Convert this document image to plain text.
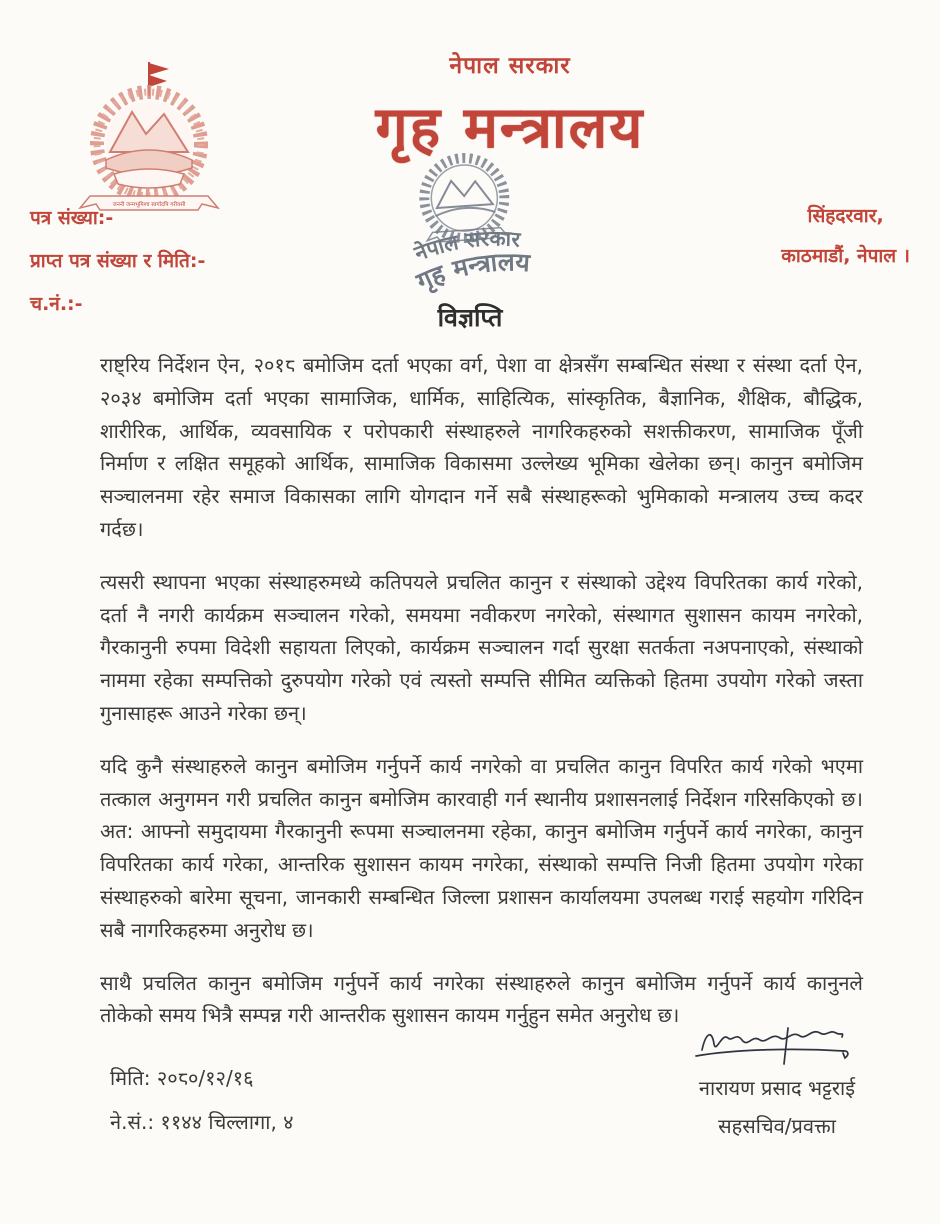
जननी जन्मभूमिश्च स्वर्गादपि गरीयसी
नेपाल सरकार
गृह मन्त्रालय
नेपाल सरकार
गृह मन्त्रालय
पत्र संख्या:-
प्राप्त पत्र संख्या र मिति:-
च.नं.:-
सिंहदरवार,
काठमाडौं, नेपाल ।
विज्ञप्ति

राष्ट्रिय निर्देशन ऐन, २०१८ बमोजिम दर्ता भएका वर्ग, पेशा वा क्षेत्रसँग सम्बन्धित संस्था र संस्था दर्ता ऐन, २०३४ बमोजिम दर्ता भएका सामाजिक, धार्मिक, साहित्यिक, सांस्कृतिक, बैज्ञानिक, शैक्षिक, बौद्धिक, शारीरिक, आर्थिक, व्यवसायिक र परोपकारी संस्थाहरुले नागरिकहरुको सशक्तीकरण, सामाजिक पूँजी निर्माण र लक्षित समूहको आर्थिक, सामाजिक विकासमा उल्लेख्य भूमिका खेलेका छन्। कानुन बमोजिम सञ्चालनमा रहेर समाज विकासका लागि योगदान गर्ने सबै संस्थाहरूको भुमिकाको मन्त्रालय उच्च कदर गर्दछ।

त्यसरी स्थापना भएका संस्थाहरुमध्ये कतिपयले प्रचलित कानुन र संस्थाको उद्देश्य विपरितका कार्य गरेको, दर्ता नै नगरी कार्यक्रम सञ्चालन गरेको, समयमा नवीकरण नगरेको, संस्थागत सुशासन कायम नगरेको, गैरकानुनी रुपमा विदेशी सहायता लिएको, कार्यक्रम सञ्चालन गर्दा सुरक्षा सतर्कता नअपनाएको, संस्थाको नाममा रहेका सम्पत्तिको दुरुपयोग गरेको एवं त्यस्तो सम्पत्ति सीमित व्यक्तिको हितमा उपयोग गरेको जस्ता गुनासाहरू आउने गरेका छन्।

यदि कुनै संस्थाहरुले कानुन बमोजिम गर्नुपर्ने कार्य नगरेको वा प्रचलित कानुन विपरित कार्य गरेको भएमा तत्काल अनुगमन गरी प्रचलित कानुन बमोजिम कारवाही गर्न स्थानीय प्रशासनलाई निर्देशन गरिसकिएको छ। अत: आफ्नो समुदायमा गैरकानुनी रूपमा सञ्चालनमा रहेका, कानुन बमोजिम गर्नुपर्ने कार्य नगरेका, कानुन विपरितका कार्य गरेका, आन्तरिक सुशासन कायम नगरेका, संस्थाको सम्पत्ति निजी हितमा उपयोग गरेका संस्थाहरुको बारेमा सूचना, जानकारी सम्बन्धित जिल्ला प्रशासन कार्यालयमा उपलब्ध गराई सहयोग गरिदिन सबै नागरिकहरुमा अनुरोध छ।

साथै प्रचलित कानुन बमोजिम गर्नुपर्ने कार्य नगरेका संस्थाहरुले कानुन बमोजिम गर्नुपर्ने कार्य कानुनले तोकेको समय भित्रै सम्पन्न गरी आन्तरीक सुशासन कायम गर्नुहुन समेत अनुरोध छ।

मिति: २०८०/१२/१६
ने.सं.: ११४४ चिल्लागा, ४
नारायण प्रसाद भट्टराई
सहसचिव/प्रवक्ता
